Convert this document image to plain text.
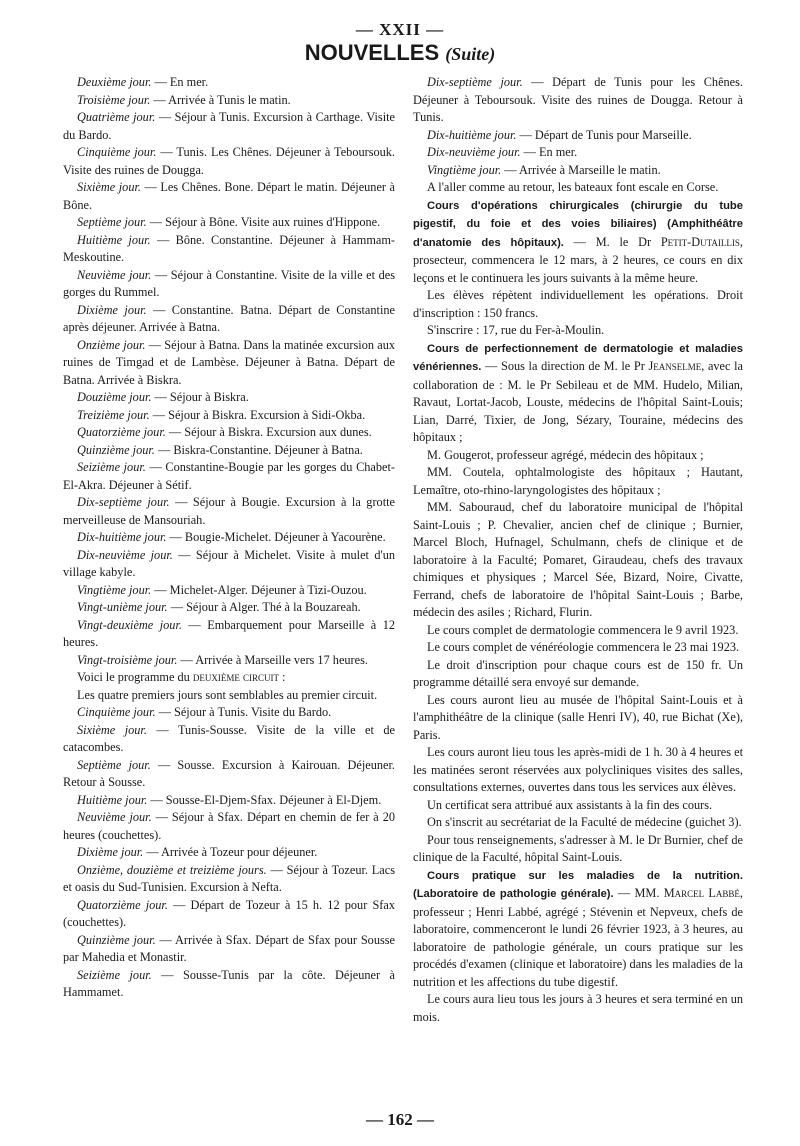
— XXII —
NOUVELLES (Suite)

Deuxième jour. — En mer.

Troisième jour. — Arrivée à Tunis le matin.

Quatrième jour. — Séjour à Tunis. Excursion à Carthage. Visite du Bardo.

Cinquième jour. — Tunis. Les Chênes. Déjeuner à Teboursouk. Visite des ruines de Dougga.

Sixième jour. — Les Chênes. Bone. Départ le matin. Déjeuner à Bône.

Septième jour. — Séjour à Bône. Visite aux ruines d'Hippone.

Huitième jour. — Bône. Constantine. Déjeuner à Hammam-Meskoutine.

Neuvième jour. — Séjour à Constantine. Visite de la ville et des gorges du Rummel.

Dixième jour. — Constantine. Batna. Départ de Constantine après déjeuner. Arrivée à Batna.

Onzième jour. — Séjour à Batna. Dans la matinée excursion aux ruines de Timgad et de Lambèse. Déjeuner à Batna. Départ de Batna. Arrivée à Biskra.

Douzième jour. — Séjour à Biskra.

Treizième jour. — Séjour à Biskra. Excursion à Sidi-Okba.

Quatorzième jour. — Séjour à Biskra. Excursion aux dunes.

Quinzième jour. — Biskra-Constantine. Déjeuner à Batna.

Seizième jour. — Constantine-Bougie par les gorges du Chabet-El-Akra. Déjeuner à Sétif.

Dix-septième jour. — Séjour à Bougie. Excursion à la grotte merveilleuse de Mansouriah.

Dix-huitième jour. — Bougie-Michelet. Déjeuner à Yacourène.

Dix-neuvième jour. — Séjour à Michelet. Visite à mulet d'un village kabyle.

Vingtième jour. — Michelet-Alger. Déjeuner à Tizi-Ouzou.

Vingt-unième jour. — Séjour à Alger. Thé à la Bouzareah.

Vingt-deuxième jour. — Embarquement pour Marseille à 12 heures.

Vingt-troisième jour. — Arrivée à Marseille vers 17 heures.

Voici le programme du deuxième circuit :

Les quatre premiers jours sont semblables au premier circuit.

Cinquième jour. — Séjour à Tunis. Visite du Bardo.

Sixième jour. — Tunis-Sousse. Visite de la ville et de catacombes.

Septième jour. — Sousse. Excursion à Kairouan. Déjeuner. Retour à Sousse.

Huitième jour. — Sousse-El-Djem-Sfax. Déjeuner à El-Djem.

Neuvième jour. — Séjour à Sfax. Départ en chemin de fer à 20 heures (couchettes).

Dixième jour. — Arrivée à Tozeur pour déjeuner.

Onzième, douzième et treizième jours. — Séjour à Tozeur. Lacs et oasis du Sud-Tunisien. Excursion à Nefta.

Quatorzième jour. — Départ de Tozeur à 15 h. 12 pour Sfax (couchettes).

Quinzième jour. — Arrivée à Sfax. Départ de Sfax pour Sousse par Mahedia et Monastir.

Seizième jour. — Sousse-Tunis par la côte. Déjeuner à Hammamet.

Dix-septième jour. — Départ de Tunis pour les Chênes. Déjeuner à Teboursouk. Visite des ruines de Dougga. Retour à Tunis.

Dix-huitième jour. — Départ de Tunis pour Marseille.

Dix-neuvième jour. — En mer.

Vingtième jour. — Arrivée à Marseille le matin.

A l'aller comme au retour, les bateaux font escale en Corse.

Cours d'opérations chirurgicales (chirurgie du tube pigestif, du foie et des voies biliaires) (Amphithéâtre d'anatomie des hôpitaux). — M. le Dr Petit-Dutaillis, prosecteur, commencera le 12 mars, à 2 heures, ce cours en dix leçons et le continuera les jours suivants à la même heure.

Les élèves répètent individuellement les opérations. Droit d'inscription : 150 francs.

S'inscrire : 17, rue du Fer-à-Moulin.

Cours de perfectionnement de dermatologie et maladies vénériennes. — Sous la direction de M. le Pr Jeanselme, avec la collaboration de : M. le Pr Sebileau et de MM. Hudelo, Milian, Ravaut, Lortat-Jacob, Louste, médecins de l'hôpital Saint-Louis; Lian, Darré, Tixier, de Jong, Sézary, Touraine, médecins des hôpitaux ;

M. Gougerot, professeur agrégé, médecin des hôpitaux ;

MM. Coutela, ophtalmologiste des hôpitaux ; Hautant, Lemaître, oto-rhino-laryngologistes des hôpitaux ;

MM. Sabouraud, chef du laboratoire municipal de l'hôpital Saint-Louis ; P. Chevalier, ancien chef de clinique ; Burnier, Marcel Bloch, Hufnagel, Schulmann, chefs de clinique et de laboratoire à la Faculté; Pomaret, Giraudeau, chefs des travaux chimiques et physiques ; Marcel Sée, Bizard, Noire, Civatte, Ferrand, chefs de laboratoire de l'hôpital Saint-Louis ; Barbe, médecin des asiles ; Richard, Flurin.

Le cours complet de dermatologie commencera le 9 avril 1923.

Le cours complet de vénéréologie commencera le 23 mai 1923.

Le droit d'inscription pour chaque cours est de 150 fr. Un programme détaillé sera envoyé sur demande.

Les cours auront lieu au musée de l'hôpital Saint-Louis et à l'amphithéâtre de la clinique (salle Henri IV), 40, rue Bichat (Xe), Paris.

Les cours auront lieu tous les après-midi de 1 h. 30 à 4 heures et les matinées seront réservées aux polycliniques visites des salles, consultations externes, ouvertes dans tous les services aux élèves.

Un certificat sera attribué aux assistants à la fin des cours.

On s'inscrit au secrétariat de la Faculté de médecine (guichet 3).

Pour tous renseignements, s'adresser à M. le Dr Burnier, chef de clinique de la Faculté, hôpital Saint-Louis.

Cours pratique sur les maladies de la nutrition. (Laboratoire de pathologie générale). — MM. Marcel Labbé, professeur ; Henri Labbé, agrégé ; Stévenin et Nepveux, chefs de laboratoire, commenceront le lundi 26 février 1923, à 3 heures, au laboratoire de pathologie générale, un cours pratique sur les procédés d'examen (clinique et laboratoire) dans les maladies de la nutrition et les affections du tube digestif.

Le cours aura lieu tous les jours à 3 heures et sera terminé en un mois.

— 162 —
